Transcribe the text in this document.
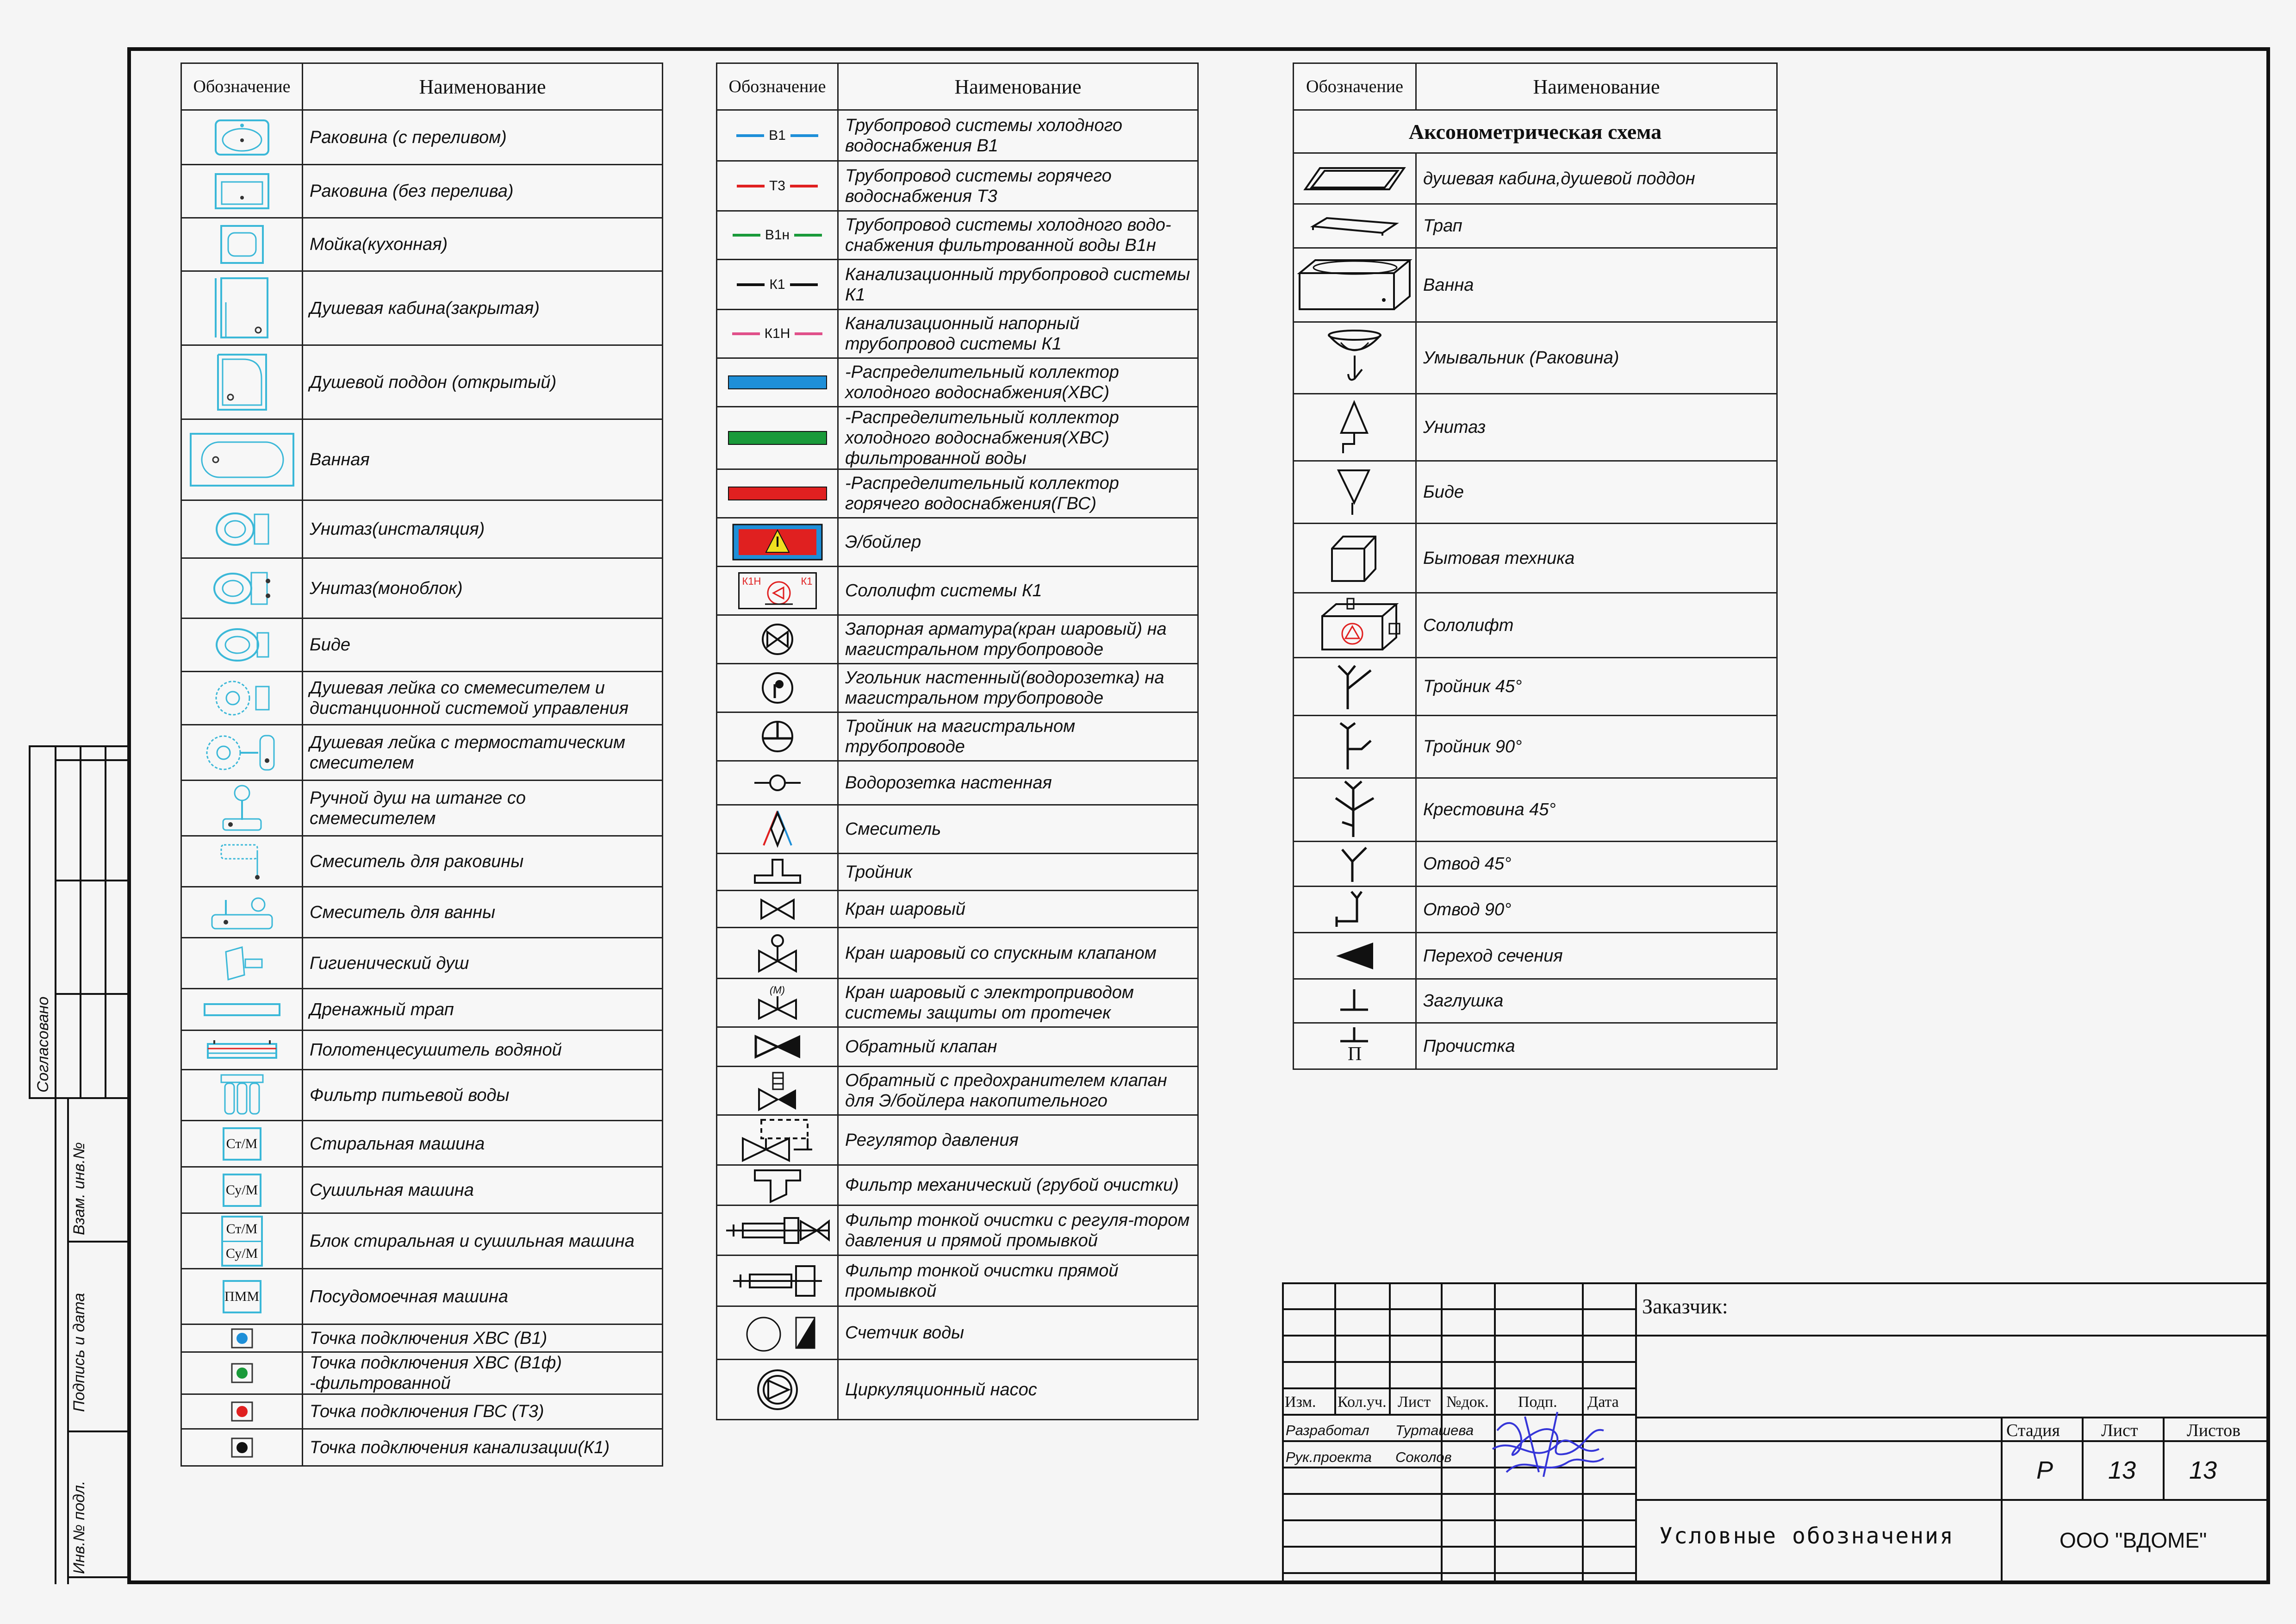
Согласовано
Взам. инв.№
Подпись и дата
Инв.№ подл.
Обозначение	Наименование

	Раковина (с переливом)

	Раковина (без перелива)

	Мойка(кухонная)

	Душевая кабина(закрытая)

	Душевой поддон (открытый)

	Ванная

	Унитаз(инсталяция)

	Унитаз(моноблок)

	Биде

	Душевая лейка со смемесителем и дистанционной системой управления

	Душевая лейка с термостатическим смесителем

	Ручной душ на штанге со смемесителем

	Смеситель для раковины

	Смеситель для ванны

	Гигиенический душ

	Дренажный трап

	Полотенцесушитель водяной

	Фильтр питьевой воды

Ст/М	Стиральная машина

Су/М	Сушильная машина

Ст/М
Су/М	Блок стиральная и сушильная машина

ПММ	Посудомоечная машина

	Точка подключения ХВС (В1)

	Точка подключения ХВС (В1ф) -фильтрованной

	Точка подключения ГВС (Т3)

	Точка подключения канализации(К1)
Обозначение	Наименование

В1	Трубопровод системы холодного водоснабжения В1

Т3	Трубопровод системы горячего водоснабжения Т3

В1н	Трубопровод системы холодного водо-снабжения фильтрованной воды В1н

К1	Канализационный трубопровод системы К1

К1Н	Канализационный напорный трубопровод системы К1

	-Распределительный коллектор холодного водоснабжения(ХВС)

	-Распределительный коллектор холодного водоснабжения(ХВС) фильтрованной воды

	-Распределительный коллектор горячего водоснабжения(ГВС)

	Э/бойлер

К1Н К1	Сололифт системы К1

	Запорная арматура(кран шаровый) на магистральном трубопроводе

	Угольник настенный(водорозетка) на магистральном трубопроводе

	Тройник на магистральном трубопроводе

	Водорозетка настенная

	Смеситель

	Тройник

	Кран шаровый

	Кран шаровый со спускным клапаном

(М)	Кран шаровый с электроприводом системы защиты от протечек

	Обратный клапан

	Обратный с предохранителем клапан для Э/бойлера накопительного

	Регулятор давления

	Фильтр механический (грубой очистки)

	Фильтр тонкой очистки с регуля-тором давления и прямой промывкой

	Фильтр тонкой очистки прямой промывкой

	Счетчик воды

	Циркуляционный насос
Обозначение	Наименование
Аксонометрическая схема	

	душевая кабина,душевой поддон

	Трап

	Ванна

	Умывальник (Раковина)

	Унитаз

	Биде

	Бытовая техника

	Сололифт

	Тройник 45°

	Тройник 90°

	Крестовина 45°

	Отвод 45°

	Отвод 90°

	Переход сечения

	Заглушка

П	Прочистка
Изм. Кол.уч. Лист №док. Подп. Дата
Разработал Турташева
Рук.проекта Соколов
Заказчик:
Стадия Лист	Листов
Р 13 13
Условные обозначения	ООО "ВДОМЕ"
